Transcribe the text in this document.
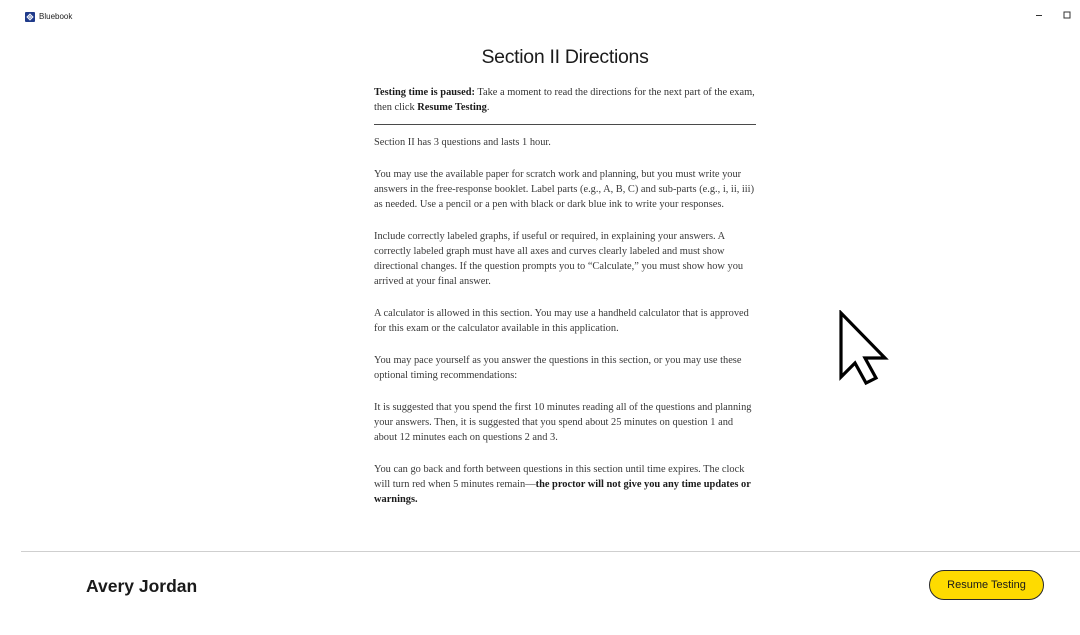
Bluebook
Section II Directions
Testing time is paused: Take a moment to read the directions for the next part of the exam, then click Resume Testing.

Section II has 3 questions and lasts 1 hour.

You may use the available paper for scratch work and planning, but you must write your answers in the free-response booklet. Label parts (e.g., A, B, C) and sub-parts (e.g., i, ii, iii) as needed. Use a pencil or a pen with black or dark blue ink to write your responses.

Include correctly labeled graphs, if useful or required, in explaining your answers. A correctly labeled graph must have all axes and curves clearly labeled and must show directional changes. If the question prompts you to “Calculate,” you must show how you arrived at your final answer.

A calculator is allowed in this section. You may use a handheld calculator that is approved for this exam or the calculator available in this application.

You may pace yourself as you answer the questions in this section, or you may use these optional timing recommendations:

It is suggested that you spend the first 10 minutes reading all of the questions and planning your answers. Then, it is suggested that you spend about 25 minutes on question 1 and about 12 minutes each on questions 2 and 3.

You can go back and forth between questions in this section until time expires. The clock will turn red when 5 minutes remain—the proctor will not give you any time updates or warnings.

Avery Jordan	Resume Testing
